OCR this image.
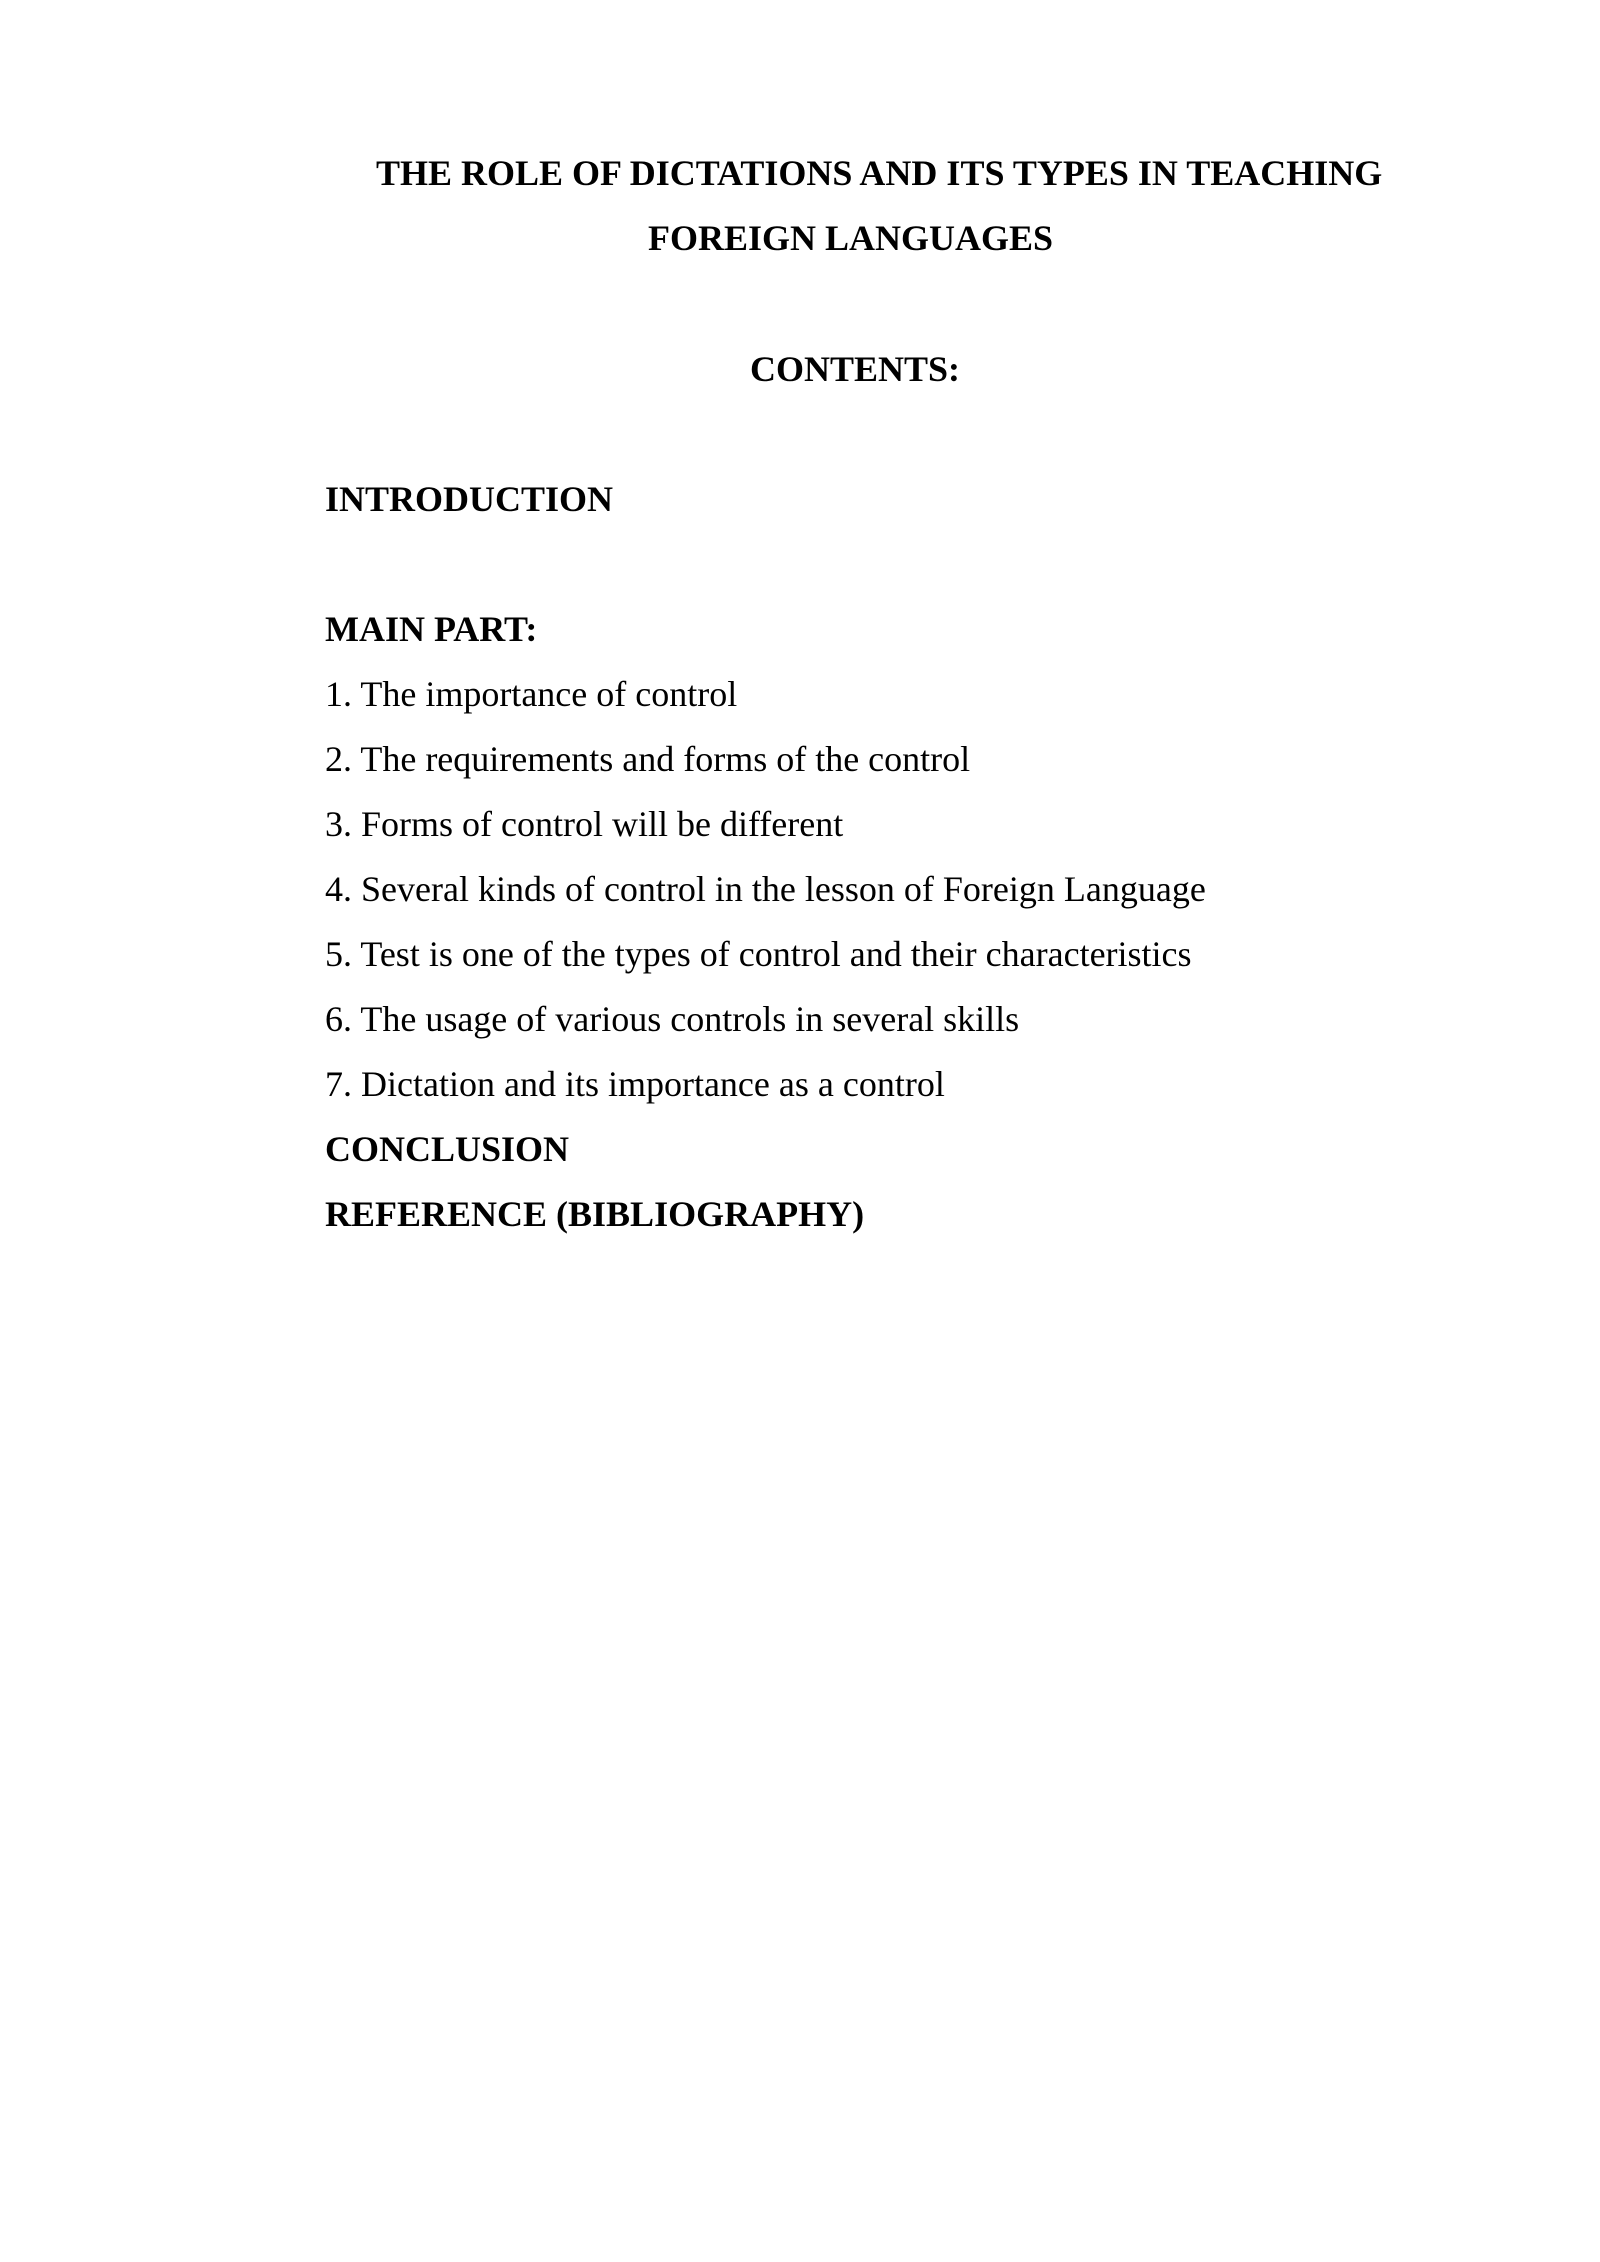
THE ROLE OF DICTATIONS AND ITS TYPES IN TEACHING
FOREIGN LANGUAGES
CONTENTS:
INTRODUCTION
MAIN PART:
1. The importance of control
2. The requirements and forms of the control
3. Forms of control will be different
4. Several kinds of control in the lesson of Foreign Language
5. Test is one of the types of control and their characteristics
6. The usage of various controls in several skills
7. Dictation and its importance as a control
CONCLUSION
REFERENCE (BIBLIOGRAPHY)
